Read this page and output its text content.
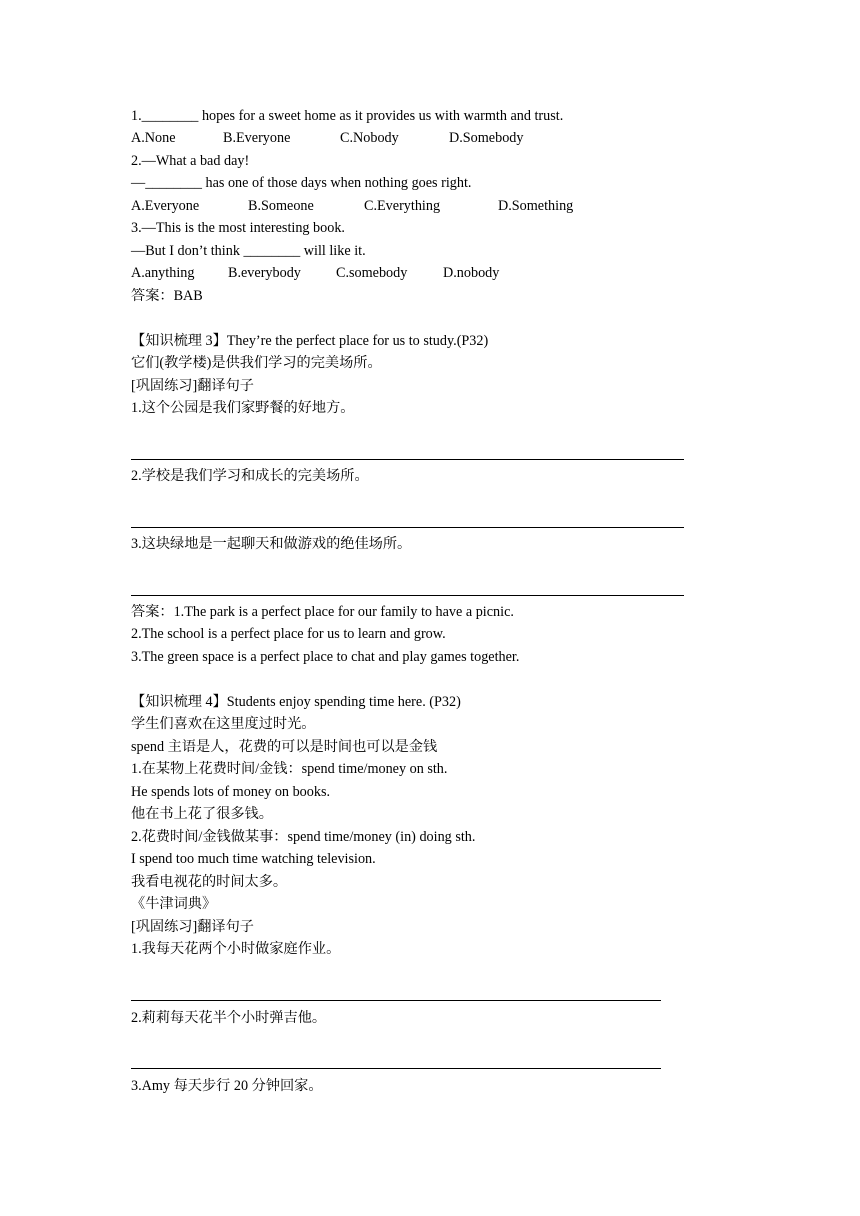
1.________ hopes for a sweet home as it provides us with warmth and trust.

A.None

	B.Everyone

	C.Nobody

	D.Somebody

2.—What a bad day!
—________ has one of those days when nothing goes right.

A.Everyone

	B.Someone

	C.Everything

	D.Something

3.—This is the most interesting book.
—But I don’t think ________ will like it.

A.anything

B.everybody

C.somebody

	D.nobody

答案：BAB
【知识梳理 3】They’re the perfect place for us to study.(P32)
它们(教学楼)是供我们学习的完美场所。
[巩固练习]翻译句子
1.这个公园是我们家野餐的好地方。
2.学校是我们学习和成长的完美场所。
3.这块绿地是一起聊天和做游戏的绝佳场所。
答案：1.The park is a perfect place for our family to have a picnic.
2.The school is a perfect place for us to learn and grow.
3.The green space is a perfect place to chat and play games together.
【知识梳理 4】Students enjoy spending time here. (P32)
学生们喜欢在这里度过时光。
spend 主语是人，花费的可以是时间也可以是金钱
1.在某物上花费时间/金钱：spend time/money on sth.
He spends lots of money on books.
他在书上花了很多钱。
2.花费时间/金钱做某事：spend time/money (in) doing sth.
I spend too much time watching television.
我看电视花的时间太多。
《牛津词典》
[巩固练习]翻译句子
1.我每天花两个小时做家庭作业。
2.莉莉每天花半个小时弹吉他。
3.Amy 每天步行 20 分钟回家。
